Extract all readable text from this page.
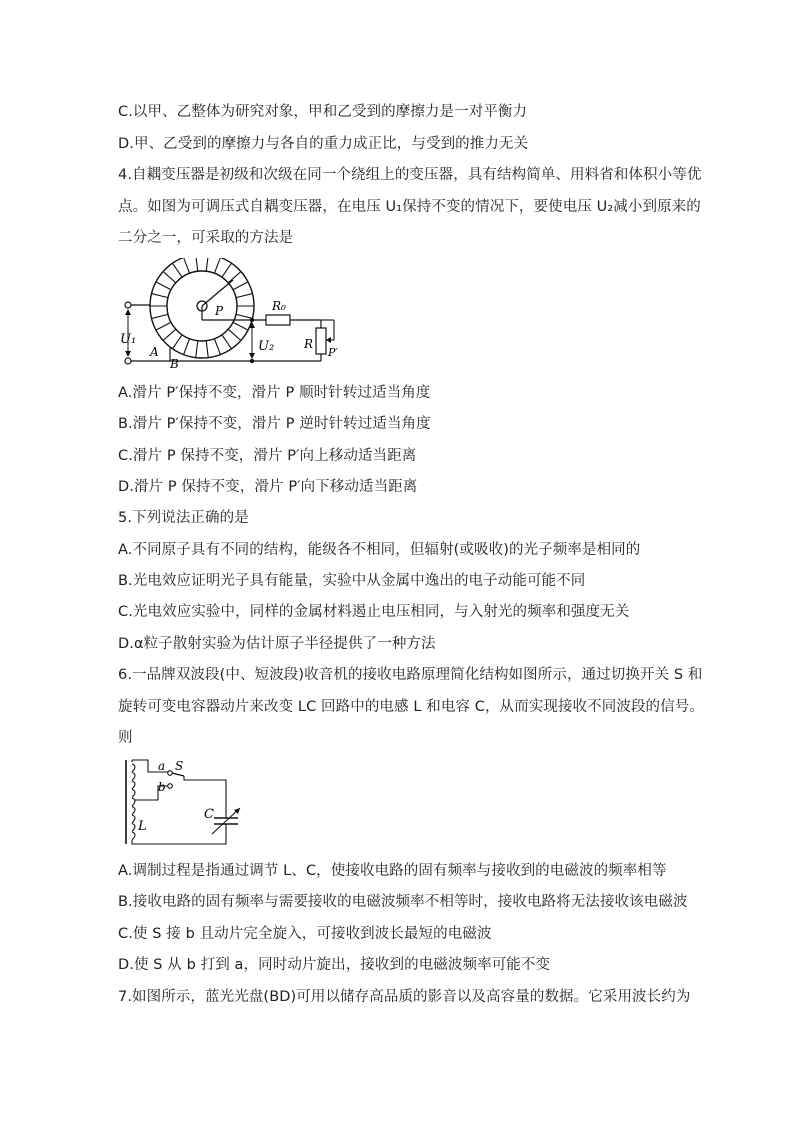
C.以甲、乙整体为研究对象，甲和乙受到的摩擦力是一对平衡力
D.甲、乙受到的摩擦力与各自的重力成正比，与受到的推力无关
4.自耦变压器是初级和次级在同一个绕组上的变压器，具有结构简单、用料省和体积小等优
点。如图为可调压式自耦变压器，在电压 U₁保持不变的情况下，要使电压 U₂减小到原来的
二分之一，可采取的方法是
U₁
A
B
P	R₀
U₂ R
P′
A.滑片 P′保持不变，滑片 P 顺时针转过适当角度
B.滑片 P′保持不变，滑片 P 逆时针转过适当角度
C.滑片 P 保持不变，滑片 P′向上移动适当距离
D.滑片 P 保持不变，滑片 P′向下移动适当距离
5.下列说法正确的是
A.不同原子具有不同的结构，能级各不相同，但辐射(或吸收)的光子频率是相同的
B.光电效应证明光子具有能量，实验中从金属中逸出的电子动能可能不同
C.光电效应实验中，同样的金属材料遏止电压相同，与入射光的频率和强度无关
D.α粒子散射实验为估计原子半径提供了一种方法
6.一品牌双波段(中、短波段)收音机的接收电路原理简化结构如图所示，通过切换开关 S 和
旋转可变电容器动片来改变 LC 回路中的电感 L 和电容 C，从而实现接收不同波段的信号。
则
a
b
S
C
L
A.调制过程是指通过调节 L、C，使接收电路的固有频率与接收到的电磁波的频率相等
B.接收电路的固有频率与需要接收的电磁波频率不相等时，接收电路将无法接收该电磁波
C.使 S 接 b 且动片完全旋入，可接收到波长最短的电磁波
D.使 S 从 b 打到 a，同时动片旋出，接收到的电磁波频率可能不变
7.如图所示，蓝光光盘(BD)可用以储存高品质的影音以及高容量的数据。它采用波长约为
